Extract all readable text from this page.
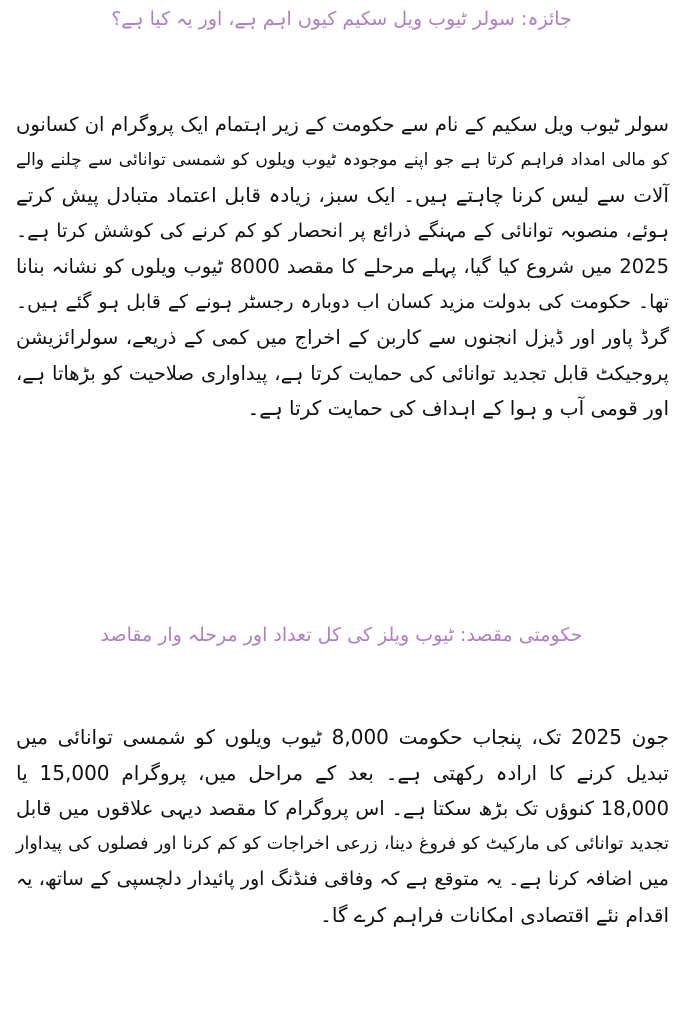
جائزہ: سولر ٹیوب ویل سکیم کیوں اہم ہے، اور یہ کیا ہے؟

سولر ٹیوب ویل سکیم کے نام سے حکومت کے زیر اہتمام ایک پروگرام ان کسانوں
کو مالی امداد فراہم کرتا ہے جو اپنے موجودہ ٹیوب ویلوں کو شمسی توانائی سے چلنے والے
آلات سے لیس کرنا چاہتے ہیں۔ ایک سبز، زیادہ قابل اعتماد متبادل پیش کرتے
ہوئے، منصوبہ توانائی کے مہنگے ذرائع پر انحصار کو کم کرنے کی کوشش کرتا ہے۔
2025 میں شروع کیا گیا، پہلے مرحلے کا مقصد 8000 ٹیوب ویلوں کو نشانہ بنانا
تھا۔ حکومت کی بدولت مزید کسان اب دوبارہ رجسٹر ہونے کے قابل ہو گئے ہیں۔
گرڈ پاور اور ڈیزل انجنوں سے کاربن کے اخراج میں کمی کے ذریعے، سولرائزیشن
پروجیکٹ قابل تجدید توانائی کی حمایت کرتا ہے، پیداواری صلاحیت کو بڑھاتا ہے،
اور قومی آب و ہوا کے اہداف کی حمایت کرتا ہے۔

حکومتی مقصد: ٹیوب ویلز کی کل تعداد اور مرحلہ وار مقاصد

جون 2025 تک، پنجاب حکومت 8,000 ٹیوب ویلوں کو شمسی توانائی میں
تبدیل کرنے کا ارادہ رکھتی ہے۔ بعد کے مراحل میں، پروگرام 15,000 یا
18,000 کنوؤں تک بڑھ سکتا ہے۔ اس پروگرام کا مقصد دیہی علاقوں میں قابل
تجدید توانائی کی مارکیٹ کو فروغ دینا، زرعی اخراجات کو کم کرنا اور فصلوں کی پیداوار
میں اضافہ کرنا ہے۔ یہ متوقع ہے کہ وفاقی فنڈنگ اور پائیدار دلچسپی کے ساتھ، یہ
اقدام نئے اقتصادی امکانات فراہم کرے گا۔
